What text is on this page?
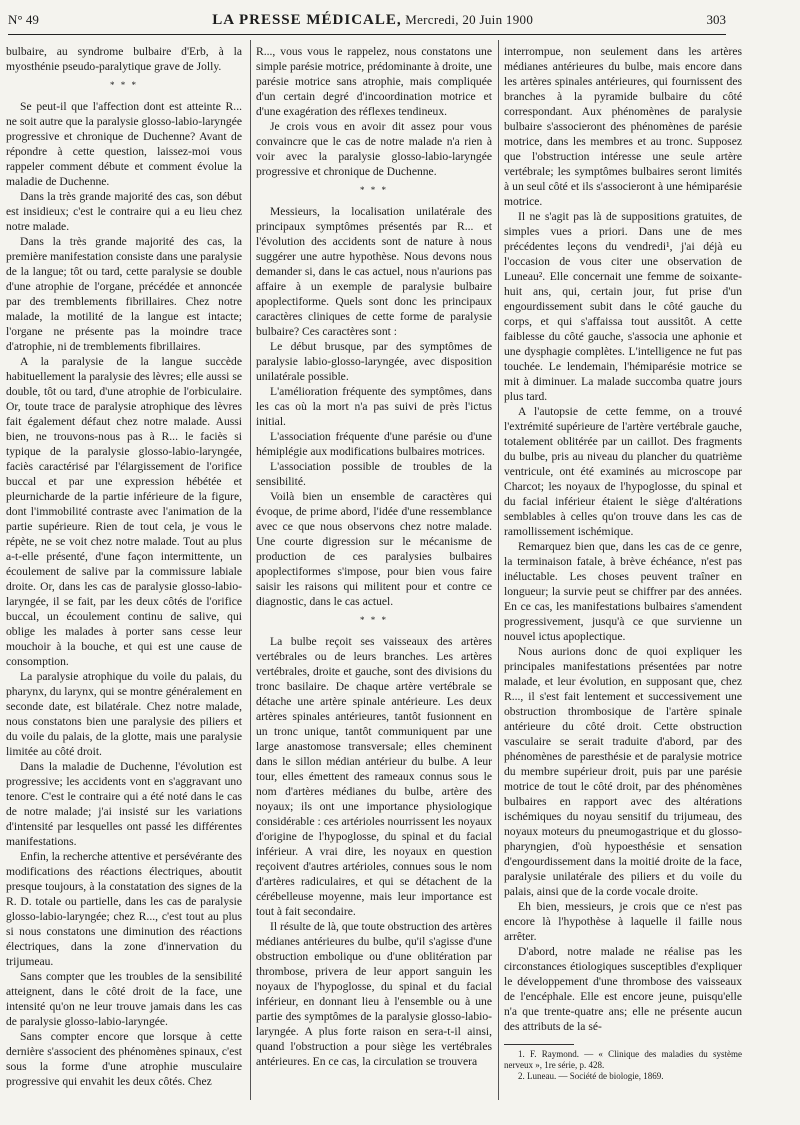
N° 49	LA PRESSE MÉDICALE, Mercredi, 20 Juin 1900	303

bulbaire, au syndrome bulbaire d'Erb, à la myosthénie pseudo-paralytique grave de Jolly.

* * *

Se peut-il que l'affection dont est atteinte R... ne soit autre que la paralysie glosso-labio-laryngée progressive et chronique de Duchenne? Avant de répondre à cette question, laissez-moi vous rappeler comment débute et comment évolue la maladie de Duchenne.

Dans la très grande majorité des cas, son début est insidieux; c'est le contraire qui a eu lieu chez notre malade.

Dans la très grande majorité des cas, la première manifestation consiste dans une paralysie de la langue; tôt ou tard, cette paralysie se double d'une atrophie de l'organe, précédée et annoncée par des tremblements fibrillaires. Chez notre malade, la motilité de la langue est intacte; l'organe ne présente pas la moindre trace d'atrophie, ni de tremblements fibrillaires.

A la paralysie de la langue succède habituellement la paralysie des lèvres; elle aussi se double, tôt ou tard, d'une atrophie de l'orbiculaire. Or, toute trace de paralysie atrophique des lèvres fait également défaut chez notre malade. Aussi bien, ne trouvons-nous pas à R... le faciès si typique de la paralysie glosso-labio-laryngée, faciès caractérisé par l'élargissement de l'orifice buccal et par une expression hébétée et pleurnicharde de la partie inférieure de la figure, dont l'immobilité contraste avec l'animation de la partie supérieure. Rien de tout cela, je vous le répète, ne se voit chez notre malade. Tout au plus a-t-elle présenté, d'une façon intermittente, un écoulement de salive par la commissure labiale droite. Or, dans les cas de paralysie glosso-labio-laryngée, il se fait, par les deux côtés de l'orifice buccal, un écoulement continu de salive, qui oblige les malades à porter sans cesse leur mouchoir à la bouche, et qui est une cause de consomption.

La paralysie atrophique du voile du palais, du pharynx, du larynx, qui se montre généralement en seconde date, est bilatérale. Chez notre malade, nous constatons bien une paralysie des piliers et du voile du palais, de la glotte, mais une paralysie limitée au côté droit.

Dans la maladie de Duchenne, l'évolution est progressive; les accidents vont en s'aggravant uno tenore. C'est le contraire qui a été noté dans le cas de notre malade; j'ai insisté sur les variations d'intensité par lesquelles ont passé les différentes manifestations.

Enfin, la recherche attentive et persévérante des modifications des réactions électriques, aboutit presque toujours, à la constatation des signes de la R. D. totale ou partielle, dans les cas de paralysie glosso-labio-laryngée; chez R..., c'est tout au plus si nous constatons une diminution des réactions électriques, dans la zone d'innervation du trijumeau.

Sans compter que les troubles de la sensibilité atteignent, dans le côté droit de la face, une intensité qu'on ne leur trouve jamais dans les cas de paralysie glosso-labio-laryngée.

Sans compter encore que lorsque à cette dernière s'associent des phénomènes spinaux, c'est sous la forme d'une atrophie musculaire progressive qui envahit les deux côtés. Chez

R..., vous vous le rappelez, nous constatons une simple parésie motrice, prédominante à droite, une parésie motrice sans atrophie, mais compliquée d'un certain degré d'incoordination motrice et d'une exagération des réflexes tendineux.

Je crois vous en avoir dit assez pour vous convaincre que le cas de notre malade n'a rien à voir avec la paralysie glosso-labio-laryngée progressive et chronique de Duchenne.

* * *

Messieurs, la localisation unilatérale des principaux symptômes présentés par R... et l'évolution des accidents sont de nature à nous suggérer une autre hypothèse. Nous devons nous demander si, dans le cas actuel, nous n'aurions pas affaire à un exemple de paralysie bulbaire apoplectiforme. Quels sont donc les principaux caractères cliniques de cette forme de paralysie bulbaire? Ces caractères sont :

Le début brusque, par des symptômes de paralysie labio-glosso-laryngée, avec disposition unilatérale possible.

L'amélioration fréquente des symptômes, dans les cas où la mort n'a pas suivi de près l'ictus initial.

L'association fréquente d'une parésie ou d'une hémiplégie aux modifications bulbaires motrices.

L'association possible de troubles de la sensibilité.

Voilà bien un ensemble de caractères qui évoque, de prime abord, l'idée d'une ressemblance avec ce que nous observons chez notre malade. Une courte digression sur le mécanisme de production de ces paralysies bulbaires apoplectiformes s'impose, pour bien vous faire saisir les raisons qui militent pour et contre ce diagnostic, dans le cas actuel.

* * *

La bulbe reçoit ses vaisseaux des artères vertébrales ou de leurs branches. Les artères vertébrales, droite et gauche, sont des divisions du tronc basilaire. De chaque artère vertébrale se détache une artère spinale antérieure. Les deux artères spinales antérieures, tantôt fusionnent en un tronc unique, tantôt communiquent par une large anastomose transversale; elles cheminent dans le sillon médian antérieur du bulbe. A leur tour, elles émettent des rameaux connus sous le nom d'artères médianes du bulbe, artère des noyaux; ils ont une importance physiologique considérable : ces artérioles nourrissent les noyaux d'origine de l'hypoglosse, du spinal et du facial inférieur. A vrai dire, les noyaux en question reçoivent d'autres artérioles, connues sous le nom d'artères radiculaires, et qui se détachent de la cérébelleuse moyenne, mais leur importance est tout à fait secondaire.

Il résulte de là, que toute obstruction des artères médianes antérieures du bulbe, qu'il s'agisse d'une obstruction embolique ou d'une oblitération par thrombose, privera de leur apport sanguin les noyaux de l'hypoglosse, du spinal et du facial inférieur, en donnant lieu à l'ensemble ou à une partie des symptômes de la paralysie glosso-labio-laryngée. A plus forte raison en sera-t-il ainsi, quand l'obstruction a pour siège les vertébrales antérieures. En ce cas, la circulation se trouvera

interrompue, non seulement dans les artères médianes antérieures du bulbe, mais encore dans les artères spinales antérieures, qui fournissent des branches à la pyramide bulbaire du côté correspondant. Aux phénomènes de paralysie bulbaire s'associeront des phénomènes de parésie motrice, dans les membres et au tronc. Supposez que l'obstruction intéresse une seule artère vertébrale; les symptômes bulbaires seront limités à un seul côté et ils s'associeront à une hémiparésie motrice.

Il ne s'agit pas là de suppositions gratuites, de simples vues a priori. Dans une de mes précédentes leçons du vendredi¹, j'ai déjà eu l'occasion de vous citer une observation de Luneau². Elle concernait une femme de soixante-huit ans, qui, certain jour, fut prise d'un engourdissement subit dans le côté gauche du corps, et qui s'affaissa tout aussitôt. A cette faiblesse du côté gauche, s'associa une aphonie et une dysphagie complètes. L'intelligence ne fut pas touchée. Le lendemain, l'hémiparésie motrice se mit à diminuer. La malade succomba quatre jours plus tard.

A l'autopsie de cette femme, on a trouvé l'extrémité supérieure de l'artère vertébrale gauche, totalement oblitérée par un caillot. Des fragments du bulbe, pris au niveau du plancher du quatrième ventricule, ont été examinés au microscope par Charcot; les noyaux de l'hypoglosse, du spinal et du facial inférieur étaient le siège d'altérations semblables à celles qu'on trouve dans les cas de ramollissement ischémique.

Remarquez bien que, dans les cas de ce genre, la terminaison fatale, à brève échéance, n'est pas inéluctable. Les choses peuvent traîner en longueur; la survie peut se chiffrer par des années. En ce cas, les manifestations bulbaires s'amendent progressivement, jusqu'à ce que survienne un nouvel ictus apoplectique.

Nous aurions donc de quoi expliquer les principales manifestations présentées par notre malade, et leur évolution, en supposant que, chez R..., il s'est fait lentement et successivement une obstruction thrombosique de l'artère spinale antérieure du côté droit. Cette obstruction vasculaire se serait traduite d'abord, par des phénomènes de paresthésie et de paralysie motrice du membre supérieur droit, puis par une parésie motrice de tout le côté droit, par des phénomènes bulbaires en rapport avec des altérations ischémiques du noyau sensitif du trijumeau, des noyaux moteurs du pneumogastrique et du glosso-pharyngien, d'où hypoesthésie et sensation d'engourdissement dans la moitié droite de la face, paralysie unilatérale des piliers et du voile du palais, ainsi que de la corde vocale droite.

Eh bien, messieurs, je crois que ce n'est pas encore là l'hypothèse à laquelle il faille nous arrêter.

D'abord, notre malade ne réalise pas les circonstances étiologiques susceptibles d'expliquer le développement d'une thrombose des vaisseaux de l'encéphale. Elle est encore jeune, puisqu'elle n'a que trente-quatre ans; elle ne présente aucun des attributs de la sé-

1. F. Raymond. — « Clinique des maladies du système nerveux », 1re série, p. 428.

2. Luneau. — Société de biologie, 1869.
